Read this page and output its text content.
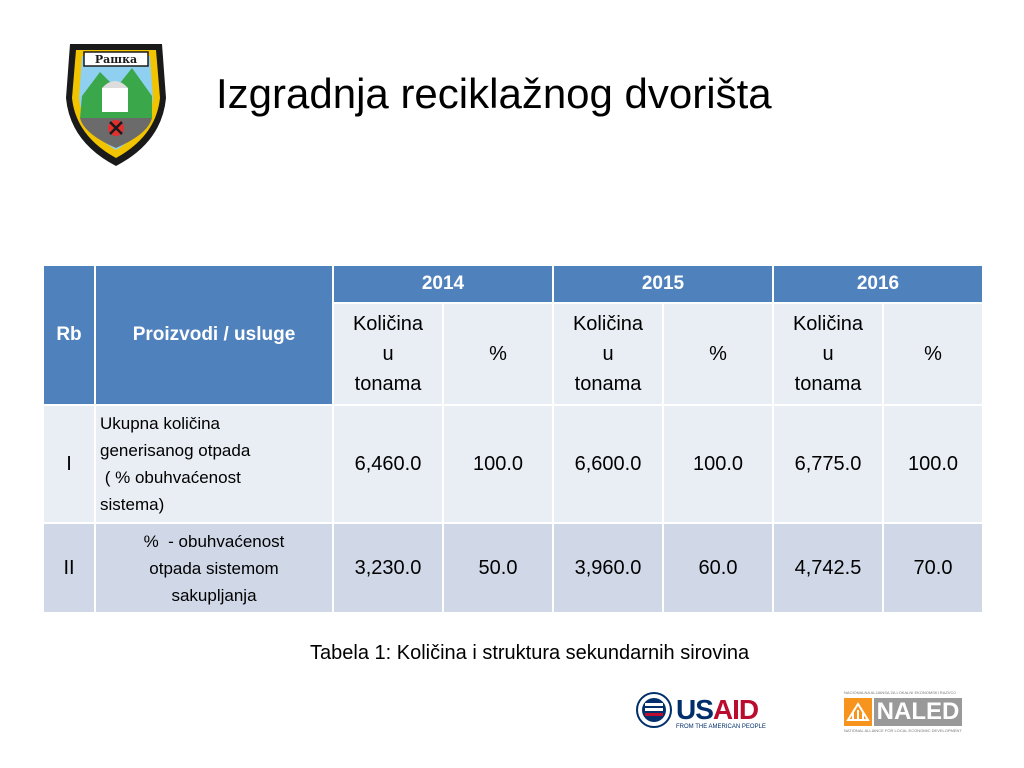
Рашка
Izgradnja reciklažnog dvorišta
Rb	Proizvodi / usluge	2014		2015		2016	
		Količina
u
tonama	%	Količina
u
tonama	%	Količina
u
tonama	%
I	Ukupna količina
generisanog otpada
( % obuhvaćenost
sistema)	6,460.0	100.0	6,600.0	100.0	6,775.0	100.0
II	%  - obuhvaćenost
otpada sistemom
sakupljanja	3,230.0	50.0	3,960.0	60.0	4,742.5	70.0
Tabela 1: Količina i struktura sekundarnih sirovina
USAID
FROM THE AMERICAN PEOPLE
NACIONALNA ALIJANSA ZA LOKALNI EKONOMSKI RAZVOJ
NALED
NATIONAL ALLIANCE FOR LOCAL ECONOMIC DEVELOPMENT
